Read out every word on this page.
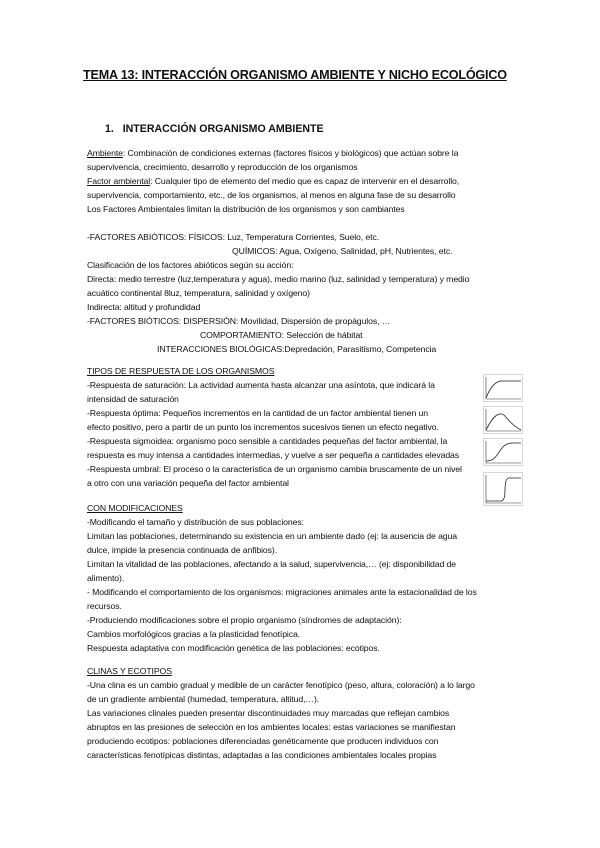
TEMA 13: INTERACCIÓN ORGANISMO AMBIENTE Y NICHO ECOLÓGICO
1. INTERACCIÓN ORGANISMO AMBIENTE
Ambiente: Combinación de condiciones externas (factores físicos y biológicos) que actúan sobre la
supervivencia, crecimiento, desarrollo y reproducción de los organismos
Factor ambiental: Cualquier tipo de elemento del medio que es capaz de intervenir en el desarrollo,
supervivencia, comportamiento, etc., de los organismos, al menos en alguna fase de su desarrollo
Los Factores Ambientales limitan la distribución de los organismos y son cambiantes
-FACTORES ABIÓTICOS: FÍSICOS: Luz, Temperatura Corrientes, Suelo, etc.
QUÍMICOS: Agua, Oxígeno, Salinidad, pH, Nutrientes, etc.
Clasificación de los factores abióticos según su acción:
Directa: medio terrestre (luz,temperatura y agua), medio marino (luz, salinidad y temperatura) y medio
acuático continental 8luz, temperatura, salinidad y oxígeno)
Indirecta: altitud y profundidad
-FACTORES BIÓTICOS: DISPERSIÓN: Movilidad, Dispersión de propágulos, …
COMPORTAMIENTO: Selección de hábitat
INTERACCIONES BIOLÓGICAS:Depredación, Parasitismo, Competencia
TIPOS DE RESPUESTA DE LOS ORGANISMOS
-Respuesta de saturación: La actividad aumenta hasta alcanzar una asíntota, que indicará la
intensidad de saturación
-Respuesta óptima: Pequeños incrementos en la cantidad de un factor ambiental tienen un
efecto positivo, pero a partir de un punto los incrementos sucesivos tienen un efecto negativo.
-Respuesta sigmoidea: organismo poco sensible a cantidades pequeñas del factor ambiental, la
respuesta es muy intensa a cantidades intermedias, y vuelve a ser pequeña a cantidades elevadas
-Respuesta umbral: El proceso o la característica de un organismo cambia bruscamente de un nivel
a otro con una variación pequeña del factor ambiental
CON MODIFICACIONES
-Modificando el tamaño y distribución de sus poblaciones:
Limitan las poblaciones, determinando su existencia en un ambiente dado (ej: la ausencia de agua
dulce, impide la presencia continuada de anfibios).
Limitan la vitalidad de las poblaciones, afectando a la salud, supervivencia,… (ej: disponibilidad de
alimento).
- Modificando el comportamiento de los organismos: migraciones animales ante la estacionalidad de los
recursos.
-Produciendo modificaciones sobre el propio organismo (síndromes de adaptación):
Cambios morfológicos gracias a la plasticidad fenotípica.
Respuesta adaptativa con modificación genética de las poblaciones: ecotipos.
CLINAS Y ECOTIPOS
-Una clina es un cambio gradual y medible de un carácter fenotípico (peso, altura, coloración) a lo largo
de un gradiente ambiental (humedad, temperatura, altitud,…).
Las variaciones clinales pueden presentar discontinuidades muy marcadas que reflejan cambios
abruptos en las presiones de selección en los ambientes locales: estas variaciones se manifiestan
produciendo ecotipos: poblaciones diferenciadas genéticamente que producen individuos con
características fenotípicas distintas, adaptadas a las condiciones ambientales locales propias
